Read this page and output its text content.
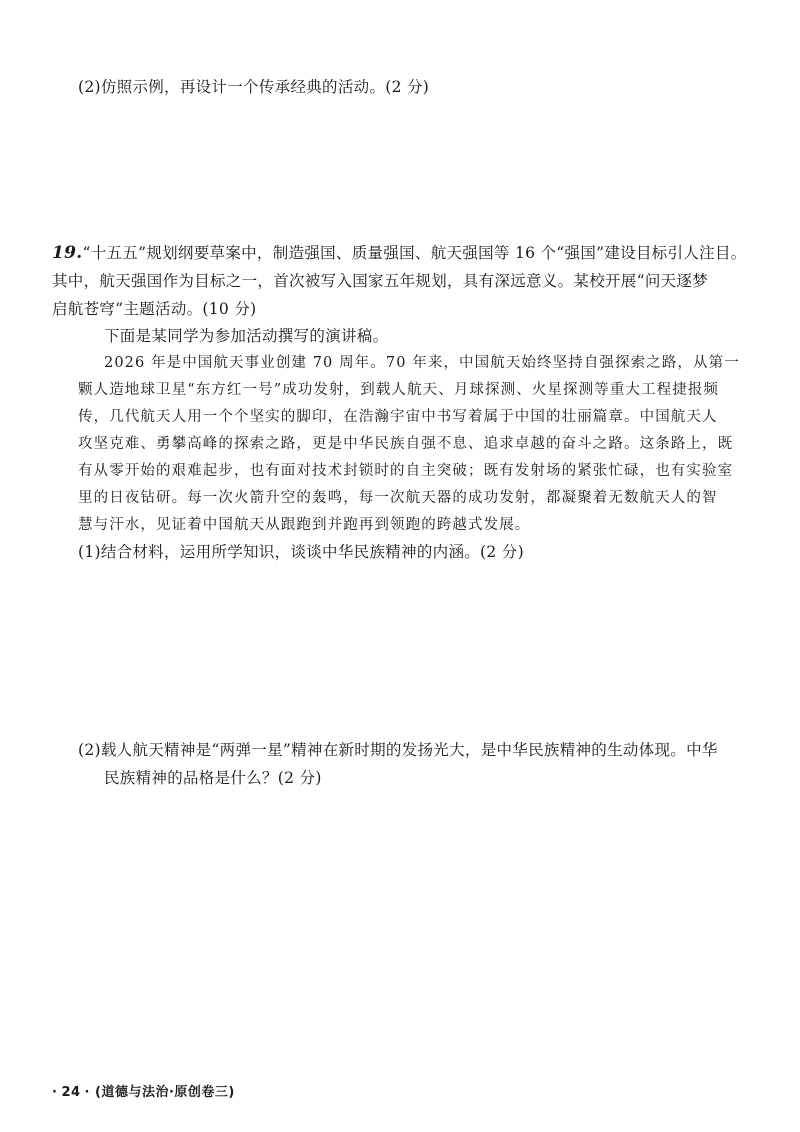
(2)仿照示例，再设计一个传承经典的活动。(2 分)
19.“十五五”规划纲要草案中，制造强国、质量强国、航天强国等 16 个“强国”建设目标引人注目。
其中，航天强国作为目标之一，首次被写入国家五年规划，具有深远意义。某校开展“问天逐梦
启航苍穹”主题活动。(10 分)
下面是某同学为参加活动撰写的演讲稿。
2026 年是中国航天事业创建 70 周年。70 年来，中国航天始终坚持自强探索之路，从第一
颗人造地球卫星“东方红一号”成功发射，到载人航天、月球探测、火星探测等重大工程捷报频
传，几代航天人用一个个坚实的脚印，在浩瀚宇宙中书写着属于中国的壮丽篇章。中国航天人
攻坚克难、勇攀高峰的探索之路，更是中华民族自强不息、追求卓越的奋斗之路。这条路上，既
有从零开始的艰难起步，也有面对技术封锁时的自主突破；既有发射场的紧张忙碌，也有实验室
里的日夜钻研。每一次火箭升空的轰鸣，每一次航天器的成功发射，都凝聚着无数航天人的智
慧与汗水，见证着中国航天从跟跑到并跑再到领跑的跨越式发展。
(1)结合材料，运用所学知识，谈谈中华民族精神的内涵。(2 分)
(2)载人航天精神是“两弹一星”精神在新时期的发扬光大，是中华民族精神的生动体现。中华
民族精神的品格是什么？(2 分)
· 24 · (道德与法治·原创卷三)
